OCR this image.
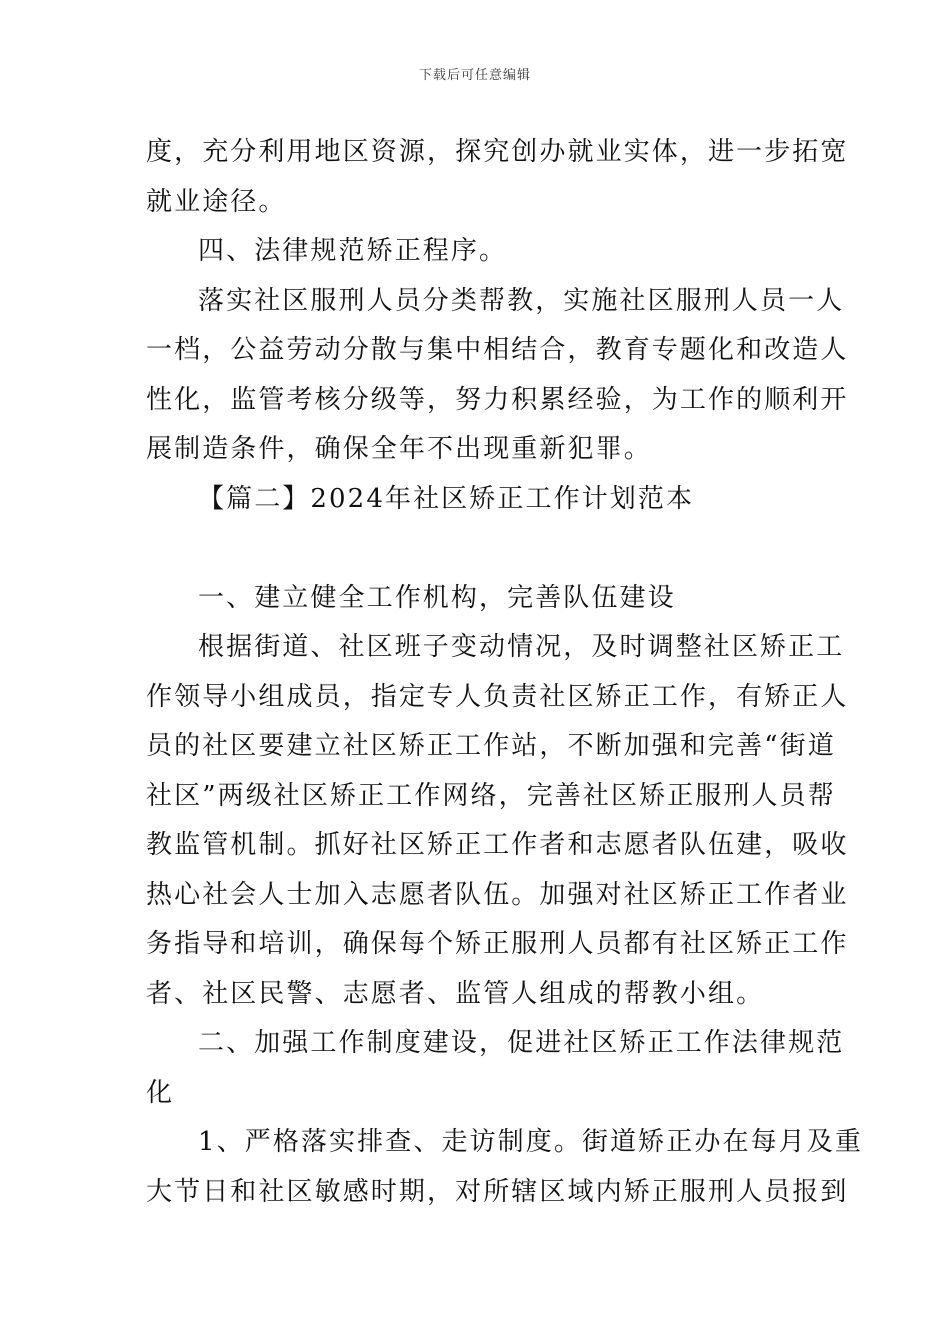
下载后可任意编辑
度，充分利用地区资源，探究创办就业实体，进一步拓宽
就业途径。
四、法律规范矫正程序。
落实社区服刑人员分类帮教，实施社区服刑人员一人
一档，公益劳动分散与集中相结合，教育专题化和改造人
性化，监管考核分级等，努力积累经验，为工作的顺利开
展制造条件，确保全年不出现重新犯罪。
【篇二】2024年社区矫正工作计划范本
一、建立健全工作机构，完善队伍建设
根据街道、社区班子变动情况，及时调整社区矫正工
作领导小组成员，指定专人负责社区矫正工作，有矫正人
员的社区要建立社区矫正工作站，不断加强和完善“街道
社区”两级社区矫正工作网络，完善社区矫正服刑人员帮
教监管机制。抓好社区矫正工作者和志愿者队伍建，吸收
热心社会人士加入志愿者队伍。加强对社区矫正工作者业
务指导和培训，确保每个矫正服刑人员都有社区矫正工作
者、社区民警、志愿者、监管人组成的帮教小组。
二、加强工作制度建设，促进社区矫正工作法律规范
化
1、严格落实排查、走访制度。街道矫正办在每月及重
大节日和社区敏感时期，对所辖区域内矫正服刑人员报到
